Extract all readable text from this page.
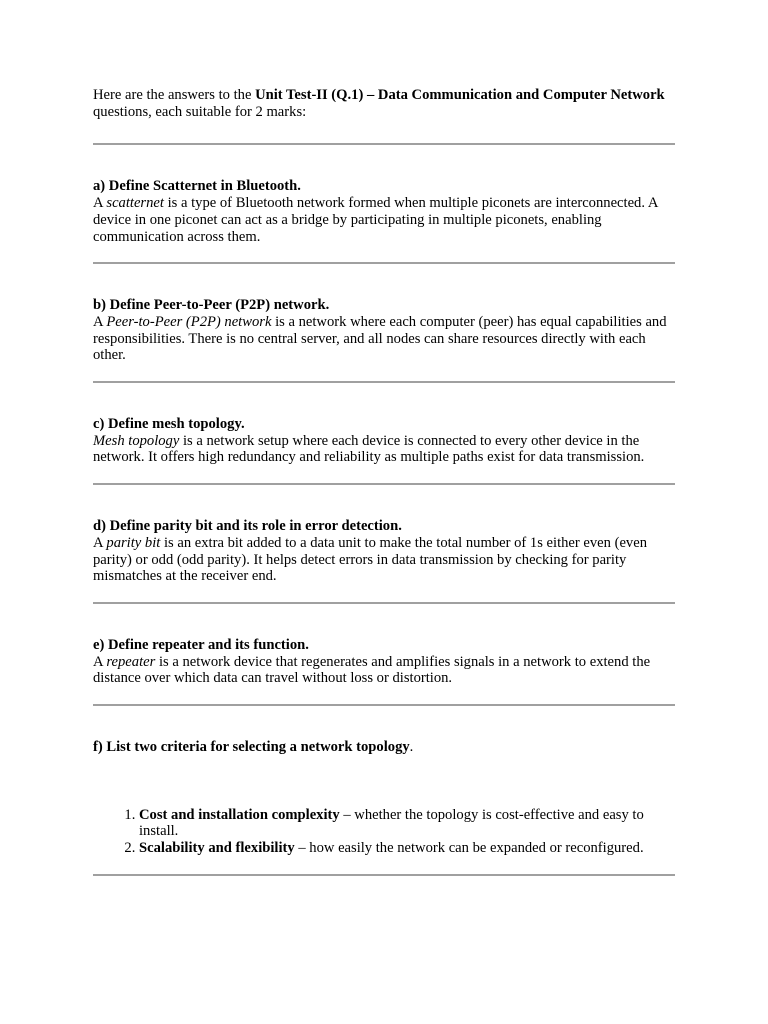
Here are the answers to the Unit Test-II (Q.1) – Data Communication and Computer Network questions, each suitable for 2 marks:

a) Define Scatternet in Bluetooth.

A scatternet is a type of Bluetooth network formed when multiple piconets are interconnected. A device in one piconet can act as a bridge by participating in multiple piconets, enabling communication across them.

b) Define Peer-to-Peer (P2P) network.

A Peer-to-Peer (P2P) network is a network where each computer (peer) has equal capabilities and responsibilities. There is no central server, and all nodes can share resources directly with each other.

c) Define mesh topology.

Mesh topology is a network setup where each device is connected to every other device in the network. It offers high redundancy and reliability as multiple paths exist for data transmission.

d) Define parity bit and its role in error detection.

A parity bit is an extra bit added to a data unit to make the total number of 1s either even (even parity) or odd (odd parity). It helps detect errors in data transmission by checking for parity mismatches at the receiver end.

e) Define repeater and its function.

A repeater is a network device that regenerates and amplifies signals in a network to extend the distance over which data can travel without loss or distortion.

f) List two criteria for selecting a network topology.

1. Cost and installation complexity – whether the topology is cost-effective and easy to install.
2. Scalability and flexibility – how easily the network can be expanded or reconfigured.
